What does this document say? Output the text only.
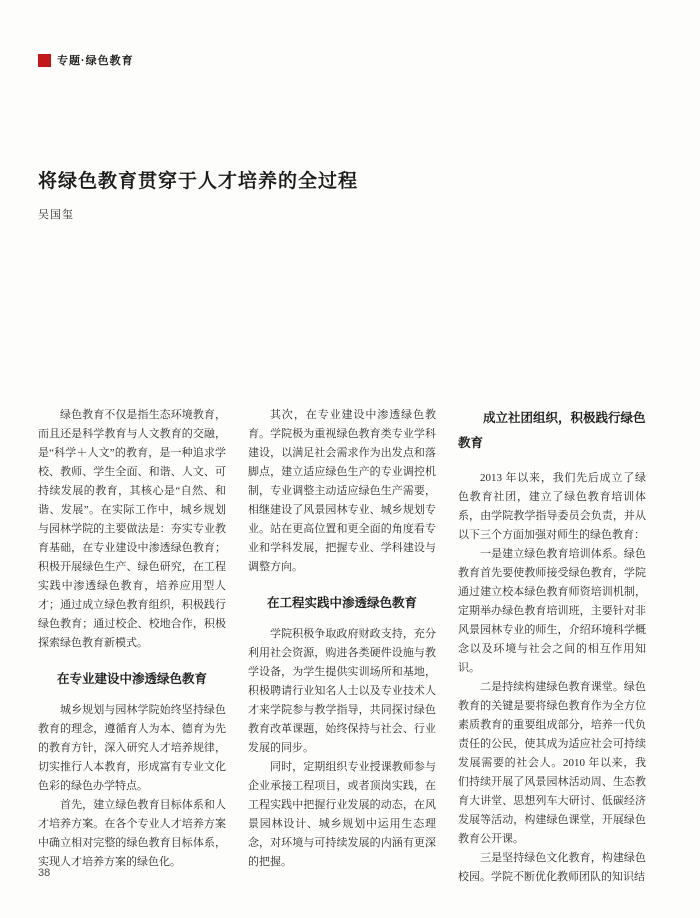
专题·绿色教育
将绿色教育贯穿于人才培养的全过程
吴国玺

绿色教育不仅是指生态环境教育，而且还是科学教育与人文教育的交融，是“科学＋人文”的教育，是一种追求学校、教师、学生全面、和谐、人文、可持续发展的教育，其核心是“自然、和谐、发展”。在实际工作中，城乡规划与园林学院的主要做法是：夯实专业教育基础，在专业建设中渗透绿色教育；积极开展绿色生产、绿色研究，在工程实践中渗透绿色教育，培养应用型人才；通过成立绿色教育组织，积极践行绿色教育；通过校企、校地合作，积极探索绿色教育新模式。

在专业建设中渗透绿色教育

城乡规划与园林学院始终坚持绿色教育的理念，遵循育人为本、德育为先的教育方针，深入研究人才培养规律，切实推行人本教育，形成富有专业文化色彩的绿色办学特点。

首先，建立绿色教育目标体系和人才培养方案。在各个专业人才培养方案中确立相对完整的绿色教育目标体系，实现人才培养方案的绿色化。

其次，在专业建设中渗透绿色教育。学院极为重视绿色教育类专业学科建设，以满足社会需求作为出发点和落脚点，建立适应绿色生产的专业调控机制，专业调整主动适应绿色生产需要，相继建设了风景园林专业、城乡规划专业。站在更高位置和更全面的角度看专业和学科发展，把握专业、学科建设与调整方向。

在工程实践中渗透绿色教育

学院积极争取政府财政支持，充分利用社会资源，购进各类硬件设施与教学设备，为学生提供实训场所和基地，积极聘请行业知名人士以及专业技术人才来学院参与教学指导，共同探讨绿色教育改革课题，始终保持与社会、行业发展的同步。

同时，定期组织专业授课教师参与企业承接工程项目，或者顶岗实践，在工程实践中把握行业发展的动态，在风景园林设计、城乡规划中运用生态理念，对环境与可持续发展的内涵有更深的把握。

成立社团组织，积极践行绿色教育

2013 年以来，我们先后成立了绿色教育社团，建立了绿色教育培训体系，由学院教学指导委员会负责，并从以下三个方面加强对师生的绿色教育：

一是建立绿色教育培训体系。绿色教育首先要使教师接受绿色教育，学院通过建立校本绿色教育师资培训机制，定期举办绿色教育培训班，主要针对非风景园林专业的师生，介绍环境科学概念以及环境与社会之间的相互作用知识。

二是持续构建绿色教育课堂。绿色教育的关键是要将绿色教育作为全方位素质教育的重要组成部分，培养一代负责任的公民，使其成为适应社会可持续发展需要的社会人。2010 年以来，我们持续开展了风景园林活动周、生态教育大讲堂、思想列车大研讨、低碳经济发展等活动，构建绿色课堂，开展绿色教育公开课。

三是坚持绿色文化教育，构建绿色校园。学院不断优化教师团队的知识结

38
